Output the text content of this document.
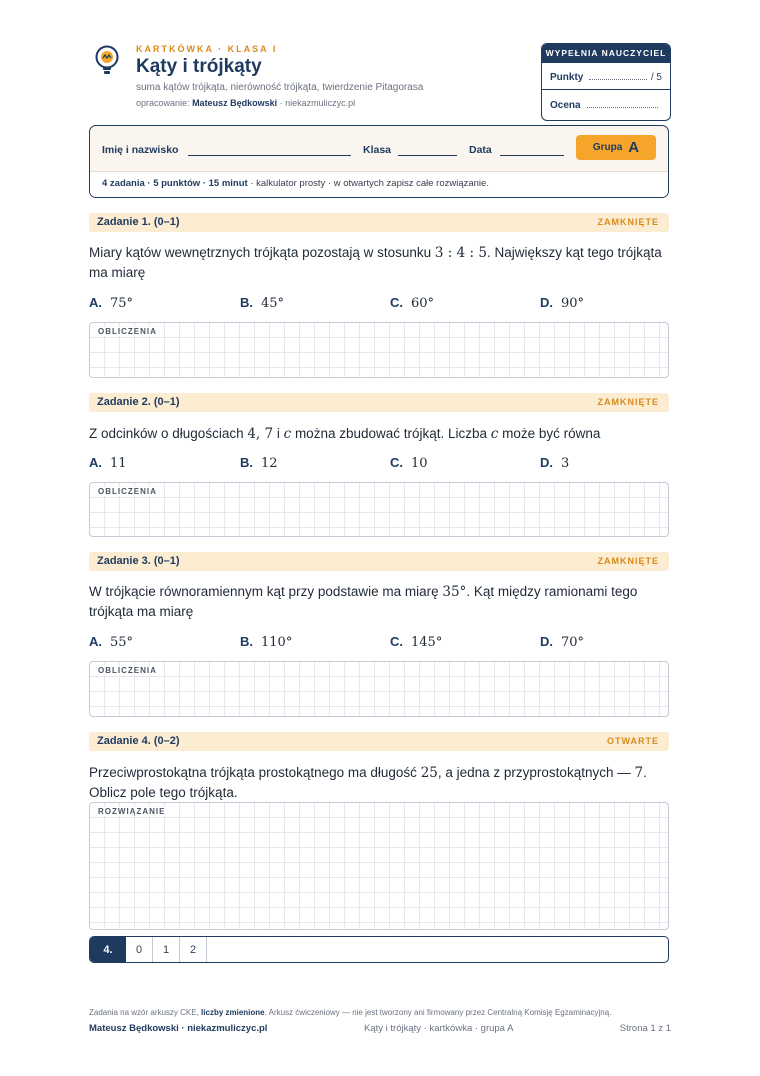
KARTKÓWKA · KLASA I
Kąty i trójkąty
suma kątów trójkąta, nierówność trójkąta, twierdzenie Pitagorasa
opracowanie: Mateusz Będkowski · niekazmuliczyc.pl
WYPEŁNIA NAUCZYCIEL
Punkty	/ 5
Ocena
Imię i nazwisko	Klasa	Data	Grupa A
4 zadania · 5 punktów · 15 minut · kalkulator prosty · w otwartych zapisz całe rozwiązanie.
Zadanie 1. (0–1)	ZAMKNIĘTE
Miary kątów wewnętrznych trójkąta pozostają w stosunku 3 : 4 : 5. Największy kąt tego trójkąta ma miarę
A. 75°	B. 45°	C. 60°	D. 90°
OBLICZENIA
Zadanie 2. (0–1)	ZAMKNIĘTE
Z odcinków o długościach 4, 7 i c można zbudować trójkąt. Liczba c może być równa
A. 11	B. 12	C. 10	D. 3
OBLICZENIA
Zadanie 3. (0–1)	ZAMKNIĘTE
W trójkącie równoramiennym kąt przy podstawie ma miarę 35°. Kąt między ramionami tego trójkąta ma miarę
A. 55°	B. 110°	C. 145°	D. 70°
OBLICZENIA
Zadanie 4. (0–2)	OTWARTE
Przeciwprostokątna trójkąta prostokątnego ma długość 25, a jedna z przyprostokątnych — 7. Oblicz pole tego trójkąta.
ROZWIĄZANIE
4.	0	1	2
Zadania na wzór arkuszy CKE, liczby zmienione. Arkusz ćwiczeniowy — nie jest tworzony ani firmowany przez Centralną Komisję Egzaminacyjną.
Mateusz Będkowski · niekazmuliczyc.pl	Kąty i trójkąty · kartkówka · grupa A	Strona 1 z 1
